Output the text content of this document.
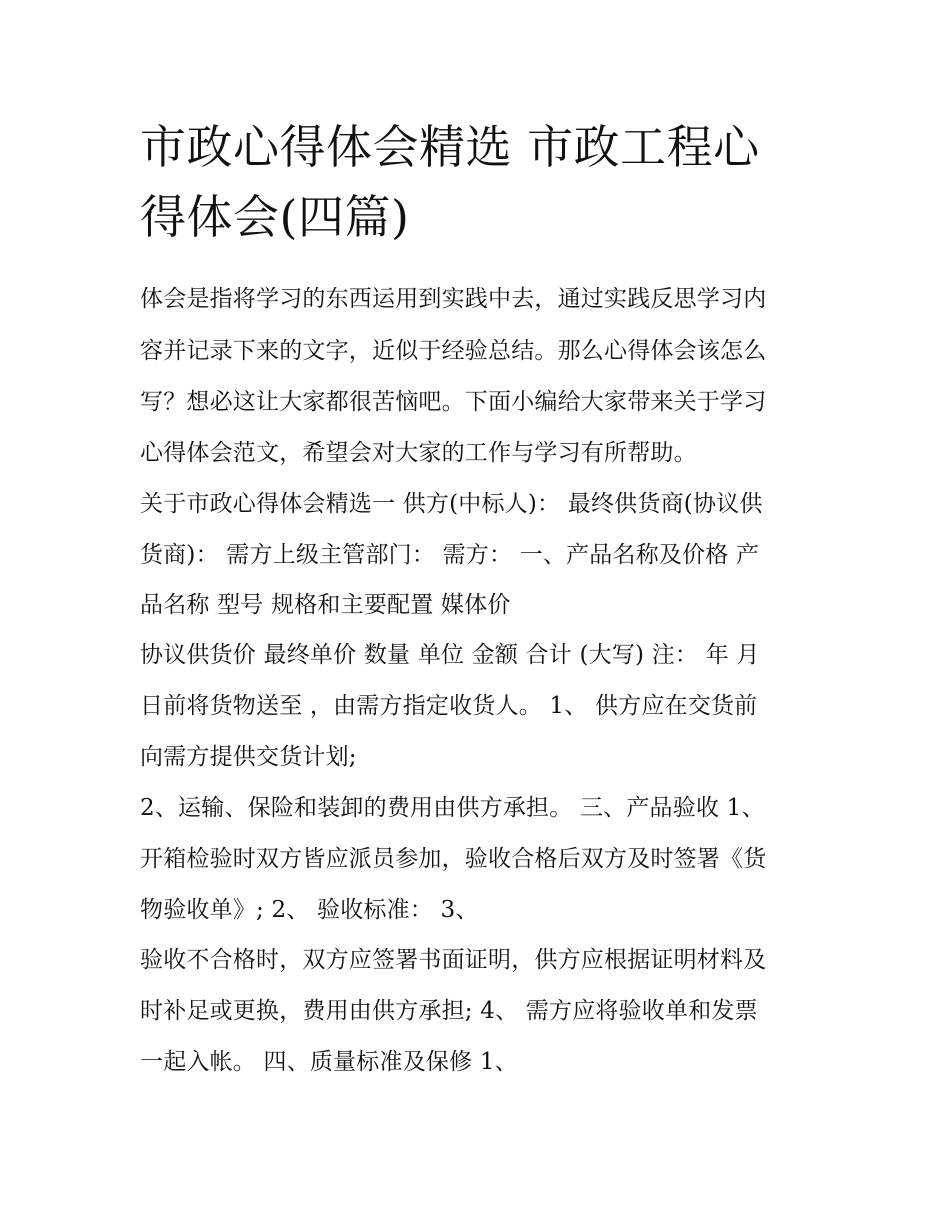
市政心得体会精选 市政工程心
得体会(四篇)

体会是指将学习的东西运用到实践中去，通过实践反思学习内

容并记录下来的文字，近似于经验总结。那么心得体会该怎么

写？想必这让大家都很苦恼吧。下面小编给大家带来关于学习

心得体会范文，希望会对大家的工作与学习有所帮助。

关于市政心得体会精选一 供方(中标人)： 最终供货商(协议供

货商)： 需方上级主管部门： 需方： 一、产品名称及价格 产

品名称 型号 规格和主要配置 媒体价

协议供货价 最终单价 数量 单位 金额 合计 (大写) 注： 年 月

日前将货物送至 ，由需方指定收货人。 1、 供方应在交货前

向需方提供交货计划;

2、运输、保险和装卸的费用由供方承担。 三、产品验收 1、

开箱检验时双方皆应派员参加，验收合格后双方及时签署《货

物验收单》; 2、 验收标准： 3、

验收不合格时，双方应签署书面证明，供方应根据证明材料及

时补足或更换，费用由供方承担; 4、 需方应将验收单和发票

一起入帐。 四、质量标准及保修 1、
